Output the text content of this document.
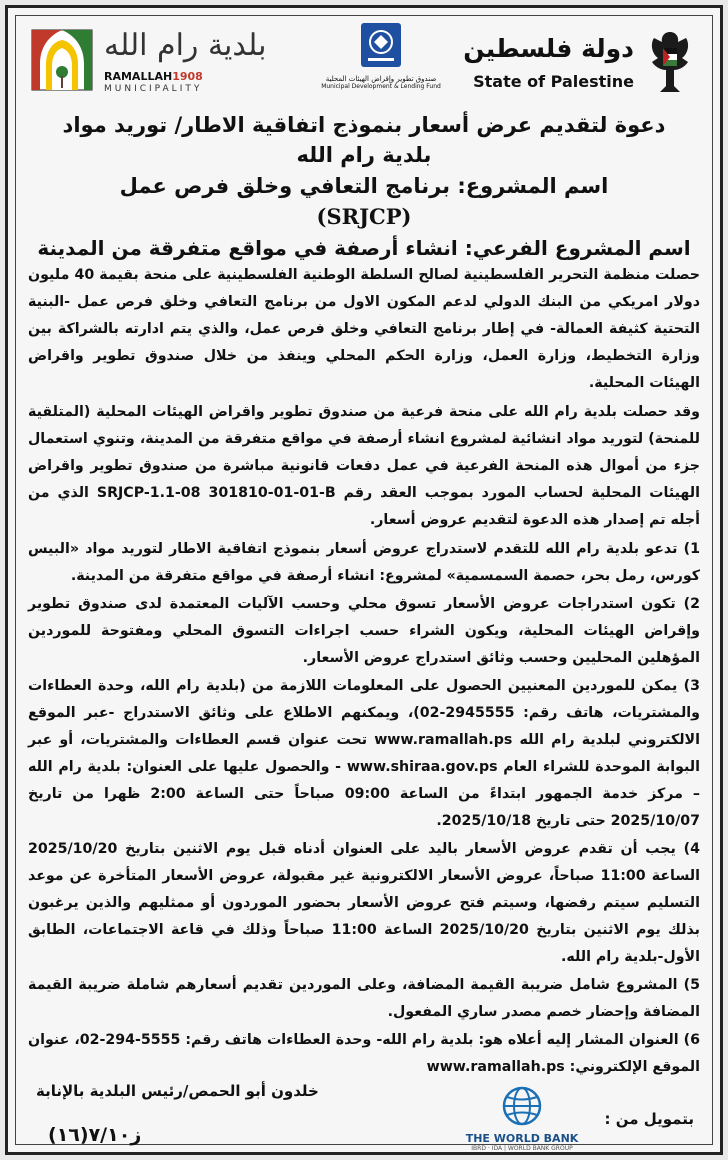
دولة فلسطين
State of Palestine
صندوق تطوير وإقراض الهيئات المحلية
Municipal Development & Lending Fund
بلدية رام الله
RAMALLAH1908
MUNICIPALITY
دعوة لتقديم عرض أسعار بنموذج اتفاقية الاطار/ توريد مواد
بلدية رام الله
اسم المشروع: برنامج التعافي وخلق فرص عمل
(SRJCP)
اسم المشروع الفرعي: انشاء أرصفة في مواقع متفرقة من المدينة
حصلت منظمة التحرير الفلسطينية لصالح السلطة الوطنية الفلسطينية على منحة بقيمة 40 مليون دولار امريكي من البنك الدولي لدعم المكون الاول من برنامج التعافي وخلق فرص عمل -البنية التحتية كثيفة العمالة- في إطار برنامج التعافي وخلق فرص عمل، والذي يتم ادارته بالشراكة بين وزارة التخطيط، وزارة العمل، وزارة الحكم المحلي وينفذ من خلال صندوق تطوير واقراض الهيئات المحلية.
وقد حصلت بلدية رام الله على منحة فرعية من صندوق تطوير واقراض الهيئات المحلية (المتلقية للمنحة) لتوريد مواد انشائية لمشروع انشاء أرصفة في مواقع متفرقة من المدينة، وتنوي استعمال جزء من أموال هذه المنحة الفرعية في عمل دفعات قانونية مباشرة من صندوق تطوير واقراض الهيئات المحلية لحساب المورد بموجب العقد رقم SRJCP-1.1-08 301810-01-01-B الذي من أجله تم إصدار هذه الدعوة لتقديم عروض أسعار.
1) تدعو بلدية رام الله للتقدم لاستدراج عروض أسعار بنموذج اتفاقية الاطار لتوريد مواد «البيس كورس، رمل بحر، حصمة السمسمية» لمشروع: انشاء أرصفة في مواقع متفرقة من المدينة.
2) تكون استدراجات عروض الأسعار تسوق محلي وحسب الآليات المعتمدة لدى صندوق تطوير وإقراض الهيئات المحلية، ويكون الشراء حسب اجراءات التسوق المحلي ومفتوحة للموردين المؤهلين المحليين وحسب وثائق استدراج عروض الأسعار.
3) يمكن للموردين المعنيين الحصول على المعلومات اللازمة من (بلدية رام الله، وحدة العطاءات والمشتريات، هاتف رقم: 2945555-02)، ويمكنهم الاطلاع على وثائق الاستدراج -عبر الموقع الالكتروني لبلدية رام الله www.ramallah.ps تحت عنوان قسم العطاءات والمشتريات، أو عبر البوابة الموحدة للشراء العام www.shiraa.gov.ps - والحصول عليها على العنوان: بلدية رام الله – مركز خدمة الجمهور ابتداءً من الساعة 09:00 صباحاً حتى الساعة 2:00 ظهرا من تاريخ 2025/10/07 حتى تاريخ 2025/10/18.
4) يجب أن تقدم عروض الأسعار باليد على العنوان أدناه قبل يوم الاثنين بتاريخ 2025/10/20 الساعة 11:00 صباحاً، عروض الأسعار الالكترونية غير مقبولة، عروض الأسعار المتأخرة عن موعد التسليم سيتم رفضها، وسيتم فتح عروض الأسعار بحضور الموردون أو ممثليهم والذين يرغبون بذلك يوم الاثنين بتاريخ 2025/10/20 الساعة 11:00 صباحاً وذلك في قاعة الاجتماعات، الطابق الأول-بلدية رام الله.
5) المشروع شامل ضريبة القيمة المضافة، وعلى الموردين تقديم أسعارهم شاملة ضريبة القيمة المضافة وإحضار خصم مصدر ساري المفعول.
6) العنوان المشار إليه أعلاه هو: بلدية رام الله- وحدة العطاءات هاتف رقم: 5555-294-02، عنوان الموقع الإلكتروني: www.ramallah.ps
خلدون أبو الحمص/رئيس البلدية بالإنابة
بتمويل من :
THE WORLD BANK
IBRD · IDA | WORLD BANK GROUP
ز٧/١٠(١٦)
